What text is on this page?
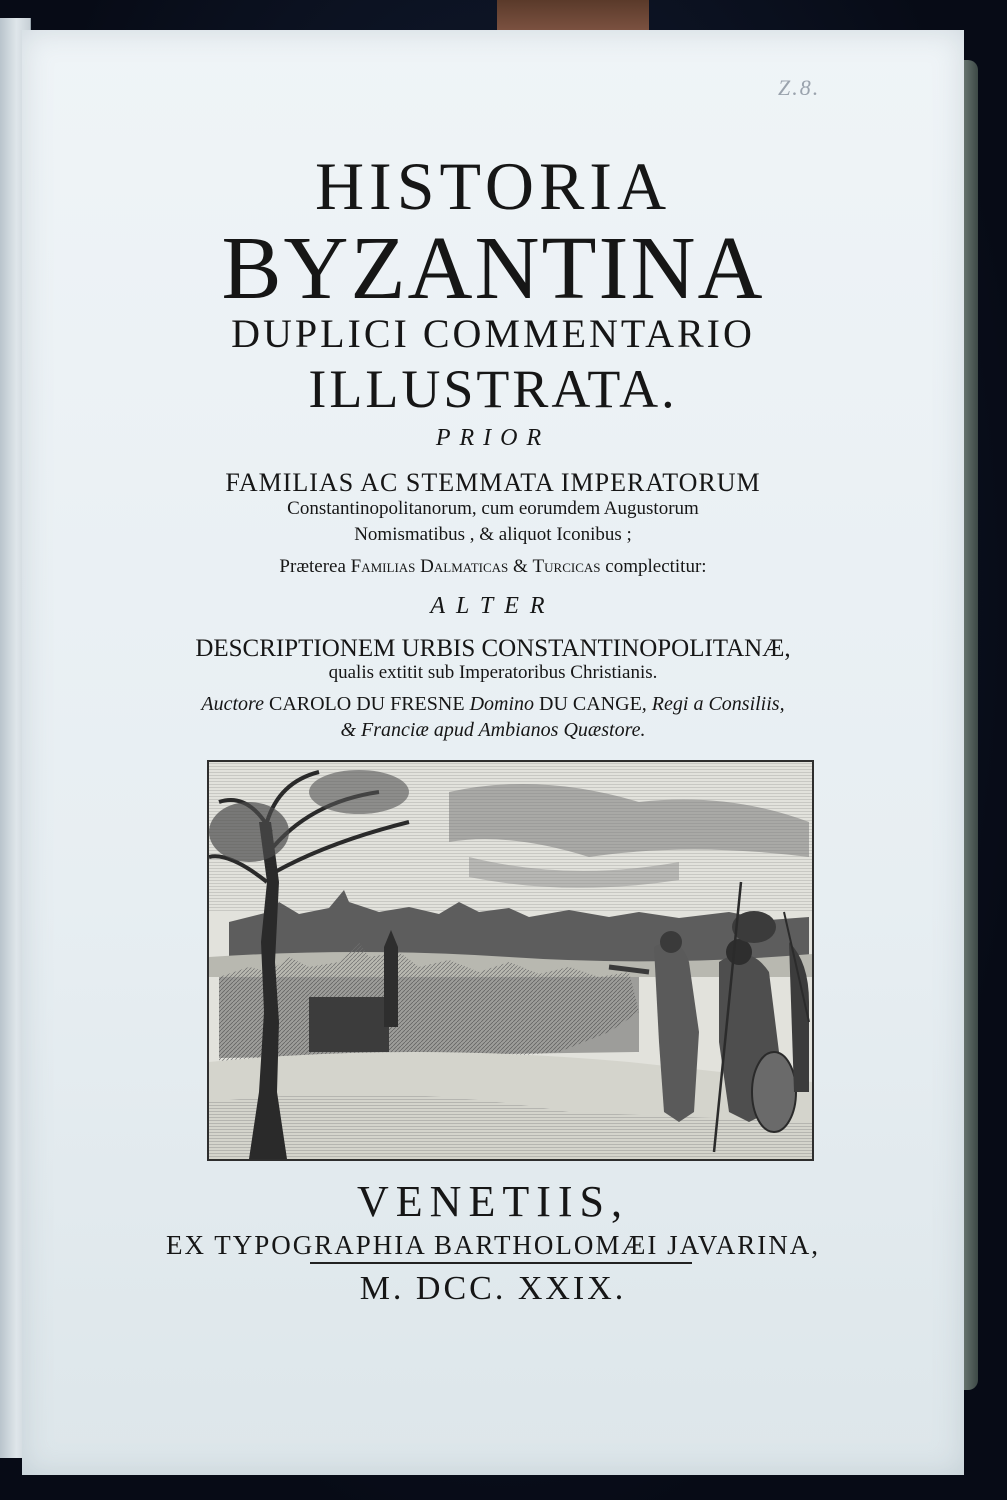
Z.8.
HISTORIA
BYZANTINA
DUPLICI COMMENTARIO
ILLUSTRATA.
PRIOR
FAMILIAS AC STEMMATA IMPERATORUM
Constantinopolitanorum, cum eorumdem Augustorum
Nomismatibus , & aliquot Iconibus ;
Præterea Familias Dalmaticas & Turcicas complectitur:
ALTER
DESCRIPTIONEM URBIS CONSTANTINOPOLITANÆ,
qualis extitit sub Imperatoribus Christianis.
Auctore CAROLO DU FRESNE Domino DU CANGE, Regi a Consiliis,
& Franciæ apud Ambianos Quæstore.
VENETIIS,
EX TYPOGRAPHIA BARTHOLOMÆI JAVARINA,
M. DCC. XXIX.
